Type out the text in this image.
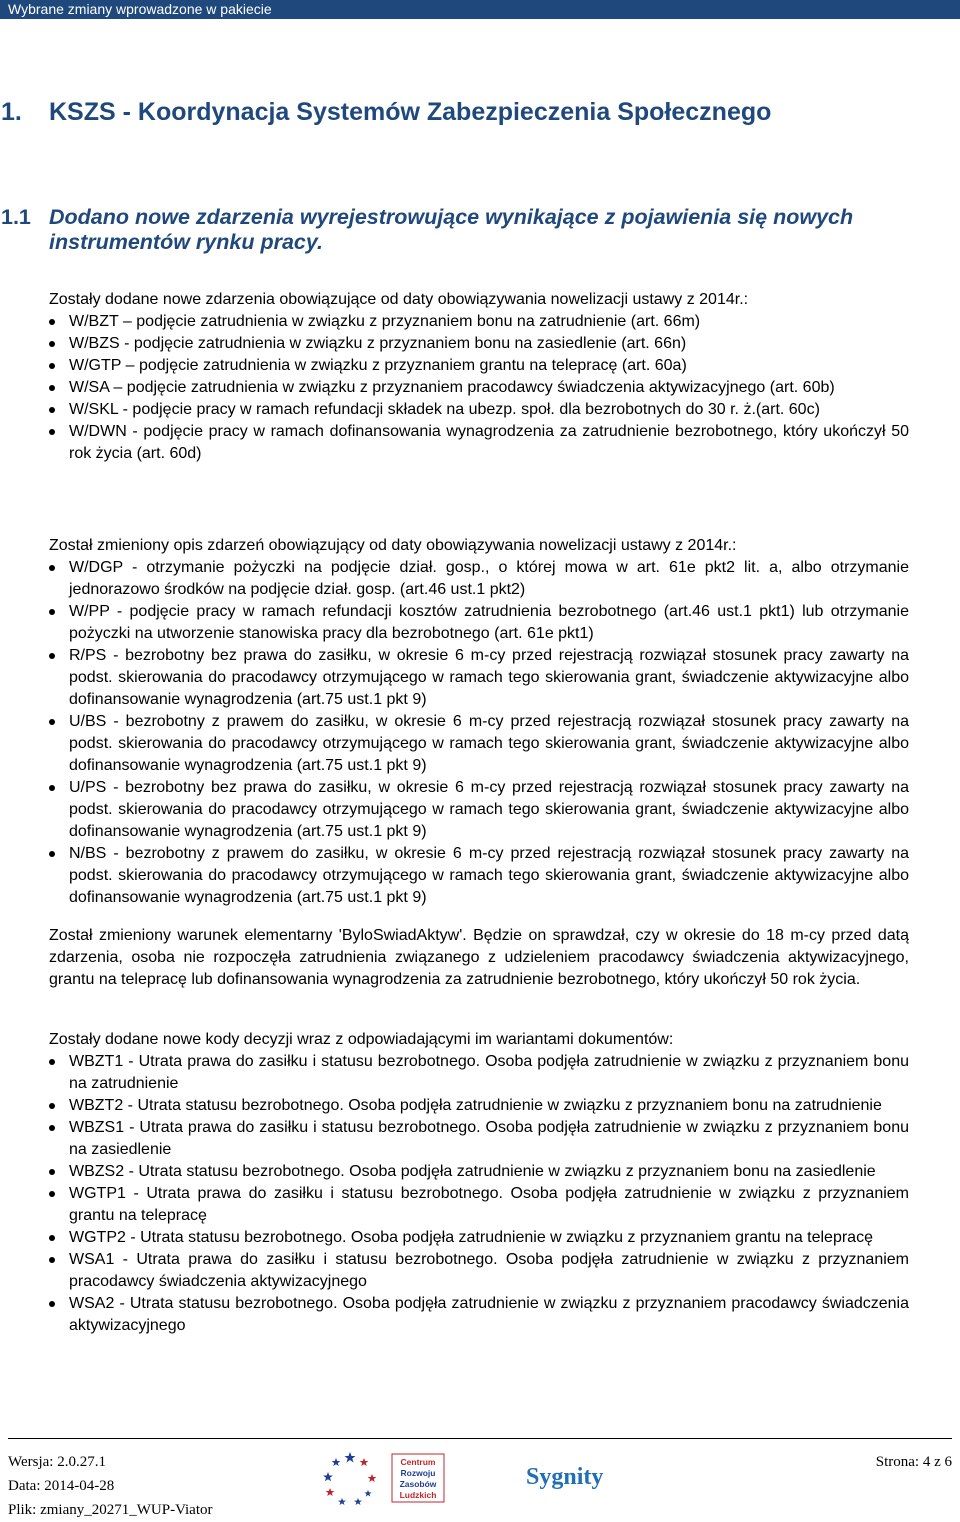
Wybrane zmiany wprowadzone w pakiecie
1. KSZS - Koordynacja Systemów Zabezpieczenia Społecznego
1.1 Dodano nowe zdarzenia wyrejestrowujące wynikające z pojawienia się nowych instrumentów rynku pracy.

Zostały dodane nowe zdarzenia obowiązujące od daty obowiązywania nowelizacji ustawy z 2014r.:

W/BZT – podjęcie zatrudnienia w związku z przyznaniem bonu na zatrudnienie (art. 66m)
W/BZS - podjęcie zatrudnienia w związku z przyznaniem bonu na zasiedlenie (art. 66n)
W/GTP – podjęcie zatrudnienia w związku z przyznaniem grantu na telepracę (art. 60a)
W/SA – podjęcie zatrudnienia w związku z przyznaniem pracodawcy świadczenia aktywizacyjnego (art. 60b)
W/SKL - podjęcie pracy w ramach refundacji składek na ubezp. społ. dla bezrobotnych do 30 r. ż.(art. 60c)
W/DWN - podjęcie pracy w ramach dofinansowania wynagrodzenia za zatrudnienie bezrobotnego, który ukończył 50 rok życia (art. 60d)

Został zmieniony opis zdarzeń obowiązujący od daty obowiązywania nowelizacji ustawy z 2014r.:

W/DGP - otrzymanie pożyczki na podjęcie dział. gosp., o której mowa w art. 61e pkt2 lit. a, albo otrzymanie jednorazowo środków na podjęcie dział. gosp. (art.46 ust.1 pkt2)
W/PP - podjęcie pracy w ramach refundacji kosztów zatrudnienia bezrobotnego (art.46 ust.1 pkt1) lub otrzymanie pożyczki na utworzenie stanowiska pracy dla bezrobotnego (art. 61e pkt1)
R/PS - bezrobotny bez prawa do zasiłku, w okresie 6 m-cy przed rejestracją rozwiązał stosunek pracy zawarty na podst. skierowania do pracodawcy otrzymującego w ramach tego skierowania grant, świadczenie aktywizacyjne albo dofinansowanie wynagrodzenia (art.75 ust.1 pkt 9)
U/BS - bezrobotny z prawem do zasiłku, w okresie 6 m-cy przed rejestracją rozwiązał stosunek pracy zawarty na podst. skierowania do pracodawcy otrzymującego w ramach tego skierowania grant, świadczenie aktywizacyjne albo dofinansowanie wynagrodzenia (art.75 ust.1 pkt 9)
U/PS - bezrobotny bez prawa do zasiłku, w okresie 6 m-cy przed rejestracją rozwiązał stosunek pracy zawarty na podst. skierowania do pracodawcy otrzymującego w ramach tego skierowania grant, świadczenie aktywizacyjne albo dofinansowanie wynagrodzenia (art.75 ust.1 pkt 9)
N/BS - bezrobotny z prawem do zasiłku, w okresie 6 m-cy przed rejestracją rozwiązał stosunek pracy zawarty na podst. skierowania do pracodawcy otrzymującego w ramach tego skierowania grant, świadczenie aktywizacyjne albo dofinansowanie wynagrodzenia (art.75 ust.1 pkt 9)

Został zmieniony warunek elementarny 'ByloSwiadAktyw'. Będzie on sprawdzał, czy w okresie do 18 m-cy przed datą zdarzenia, osoba nie rozpoczęła zatrudnienia związanego z udzieleniem pracodawcy świadczenia aktywizacyjnego, grantu na telepracę lub dofinansowania wynagrodzenia za zatrudnienie bezrobotnego, który ukończył 50 rok życia.

Zostały dodane nowe kody decyzji wraz z odpowiadającymi im wariantami dokumentów:

WBZT1 - Utrata prawa do zasiłku i statusu bezrobotnego. Osoba podjęła zatrudnienie w związku z przyznaniem bonu na zatrudnienie
WBZT2 - Utrata statusu bezrobotnego. Osoba podjęła zatrudnienie w związku z przyznaniem bonu na zatrudnienie
WBZS1 - Utrata prawa do zasiłku i statusu bezrobotnego. Osoba podjęła zatrudnienie w związku z przyznaniem bonu na zasiedlenie
WBZS2 - Utrata statusu bezrobotnego. Osoba podjęła zatrudnienie w związku z przyznaniem bonu na zasiedlenie
WGTP1 - Utrata prawa do zasiłku i statusu bezrobotnego. Osoba podjęła zatrudnienie w związku z przyznaniem grantu na telepracę
WGTP2 - Utrata statusu bezrobotnego. Osoba podjęła zatrudnienie w związku z przyznaniem grantu na telepracę
WSA1 - Utrata prawa do zasiłku i statusu bezrobotnego. Osoba podjęła zatrudnienie w związku z przyznaniem pracodawcy świadczenia aktywizacyjnego
WSA2 - Utrata statusu bezrobotnego. Osoba podjęła zatrudnienie w związku z przyznaniem pracodawcy świadczenia aktywizacyjnego
Wersja: 2.0.27.1
Data: 2014-04-28
Plik: zmiany_20271_WUP-Viator
Strona: 4 z 6
Centrum
Rozwoju
Zasobów
Ludzkich
Sygnity
